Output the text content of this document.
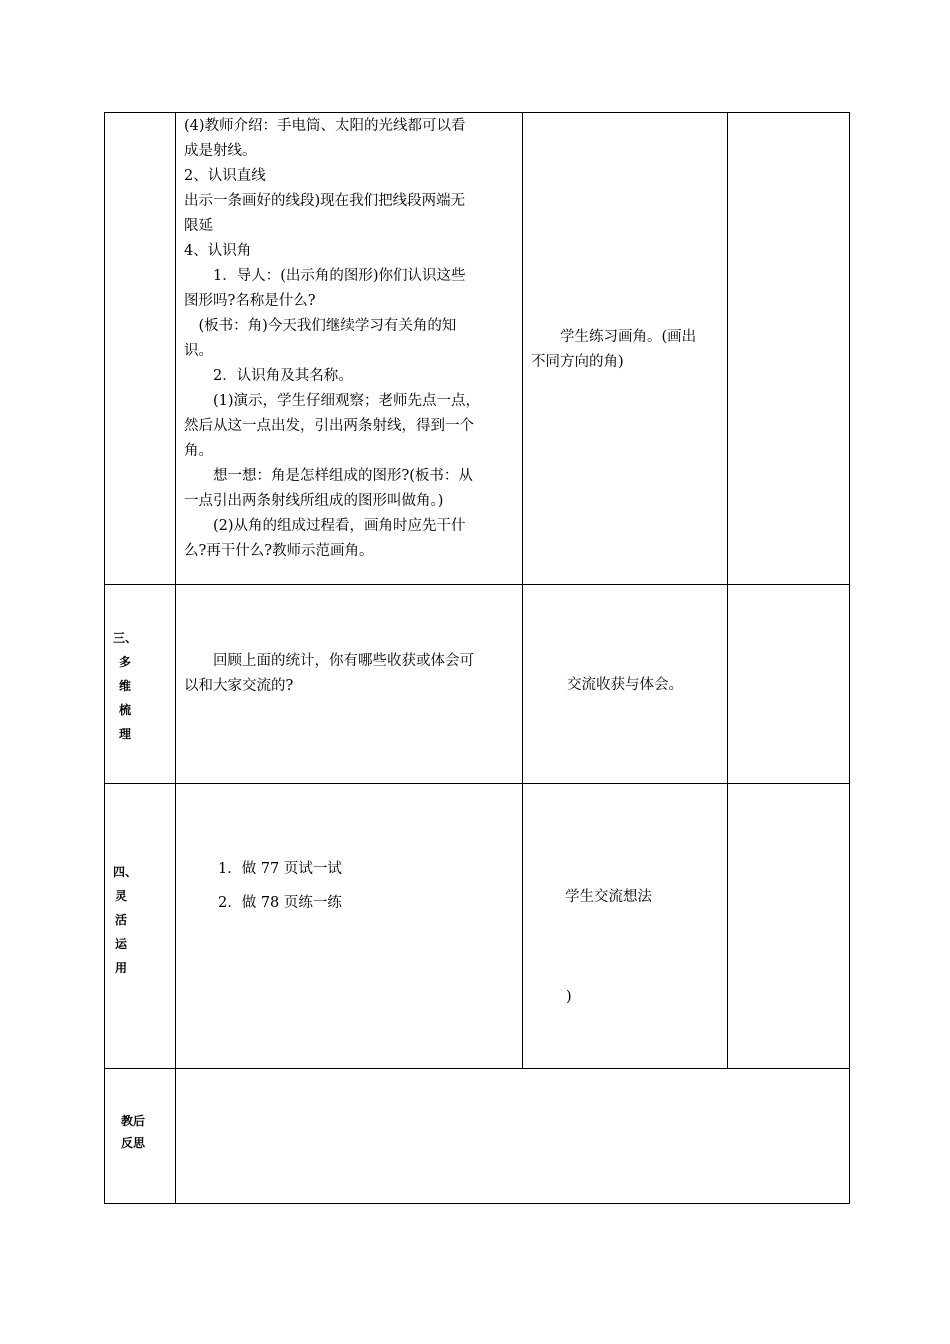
(4)教师介绍：手电筒、太阳的光线都可以看
成是射线。
2、认识直线
出示一条画好的线段)现在我们把线段两端无
限延
4、认识角
　　1．导人：(出示角的图形)你们认识这些
图形吗?名称是什么?
　(板书：角)今天我们继续学习有关角的知
识。
　　2．认识角及其名称。
　　(1)演示，学生仔细观察；老师先点一点，
然后从这一点出发，引出两条射线，得到一个
角。
　　想一想：角是怎样组成的图形?(板书：从
一点引出两条射线所组成的图形叫做角。)
　　(2)从角的组成过程看，画角时应先干什
么?再干什么?教师示范画角。
　　学生练习画角。(画出
不同方向的角)
三、
多
维
梳
理
　　回顾上面的统计，你有哪些收获或体会可
以和大家交流的?	交流收获与体会。
四、
灵
活
运
用
1．做 77 页试一试
2．做 78 页练一练	学生交流想法
)
教后
反思
